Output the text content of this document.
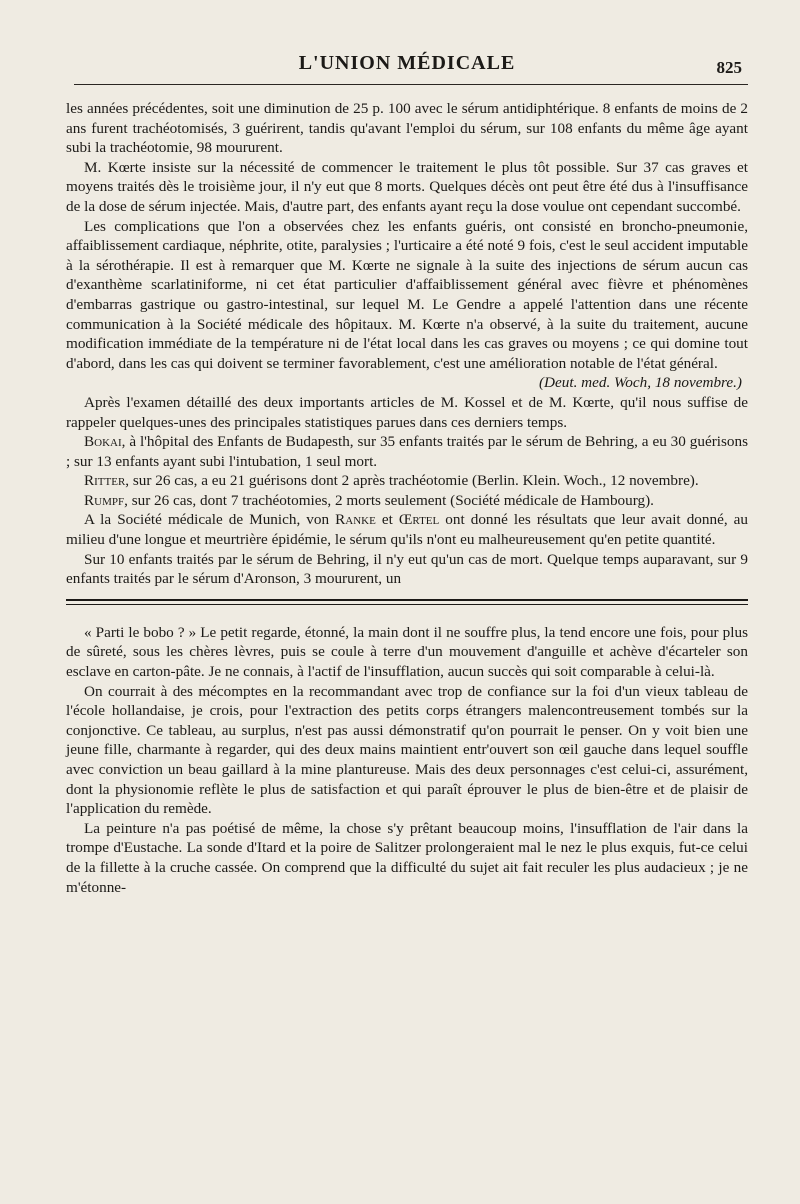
L'UNION MÉDICALE	825

les années précédentes, soit une diminution de 25 p. 100 avec le sérum antidiphtérique. 8 enfants de moins de 2 ans furent trachéotomisés, 3 guérirent, tandis qu'avant l'emploi du sérum, sur 108 enfants du même âge ayant subi la trachéotomie, 98 moururent.

M. Kœrte insiste sur la nécessité de commencer le traitement le plus tôt possible. Sur 37 cas graves et moyens traités dès le troisième jour, il n'y eut que 8 morts. Quelques décès ont peut être été dus à l'insuffisance de la dose de sérum injectée. Mais, d'autre part, des enfants ayant reçu la dose voulue ont cependant succombé.

Les complications que l'on a observées chez les enfants guéris, ont consisté en broncho-pneumonie, affaiblissement cardiaque, néphrite, otite, paralysies ; l'urticaire a été noté 9 fois, c'est le seul accident imputable à la sérothérapie. Il est à remarquer que M. Kœrte ne signale à la suite des injections de sérum aucun cas d'exanthème scarlatiniforme, ni cet état particulier d'affaiblissement général avec fièvre et phénomènes d'embarras gastrique ou gastro-intestinal, sur lequel M. Le Gendre a appelé l'attention dans une récente communication à la Société médicale des hôpitaux. M. Kœrte n'a observé, à la suite du traitement, aucune modification immédiate de la température ni de l'état local dans les cas graves ou moyens ; ce qui domine tout d'abord, dans les cas qui doivent se terminer favorablement, c'est une amélioration notable de l'état général.

(Deut. med. Woch, 18 novembre.)

Après l'examen détaillé des deux importants articles de M. Kossel et de M. Kœrte, qu'il nous suffise de rappeler quelques-unes des principales statistiques parues dans ces derniers temps.

Bokai, à l'hôpital des Enfants de Budapesth, sur 35 enfants traités par le sérum de Behring, a eu 30 guérisons ; sur 13 enfants ayant subi l'intubation, 1 seul mort.

Ritter, sur 26 cas, a eu 21 guérisons dont 2 après trachéotomie (Berlin. Klein. Woch., 12 novembre).

Rumpf, sur 26 cas, dont 7 trachéotomies, 2 morts seulement (Société médicale de Hambourg).

A la Société médicale de Munich, von Ranke et Œrtel ont donné les résultats que leur avait donné, au milieu d'une longue et meurtrière épidémie, le sérum qu'ils n'ont eu malheureusement qu'en petite quantité.

Sur 10 enfants traités par le sérum de Behring, il n'y eut qu'un cas de mort. Quelque temps auparavant, sur 9 enfants traités par le sérum d'Aronson, 3 moururent, un

« Parti le bobo ? » Le petit regarde, étonné, la main dont il ne souffre plus, la tend encore une fois, pour plus de sûreté, sous les chères lèvres, puis se coule à terre d'un mouvement d'anguille et achève d'écarteler son esclave en carton-pâte. Je ne connais, à l'actif de l'insufflation, aucun succès qui soit comparable à celui-là.

On courrait à des mécomptes en la recommandant avec trop de confiance sur la foi d'un vieux tableau de l'école hollandaise, je crois, pour l'extraction des petits corps étrangers malencontreusement tombés sur la conjonctive. Ce tableau, au surplus, n'est pas aussi démonstratif qu'on pourrait le penser. On y voit bien une jeune fille, charmante à regarder, qui des deux mains maintient entr'ouvert son œil gauche dans lequel souffle avec conviction un beau gaillard à la mine plantureuse. Mais des deux personnages c'est celui-ci, assurément, dont la physionomie reflète le plus de satisfaction et qui paraît éprouver le plus de bien-être et de plaisir de l'application du remède.

La peinture n'a pas poétisé de même, la chose s'y prêtant beaucoup moins, l'insufflation de l'air dans la trompe d'Eustache. La sonde d'Itard et la poire de Salitzer prolongeraient mal le nez le plus exquis, fut-ce celui de la fillette à la cruche cassée. On comprend que la difficulté du sujet ait fait reculer les plus audacieux ; je ne m'étonne-
